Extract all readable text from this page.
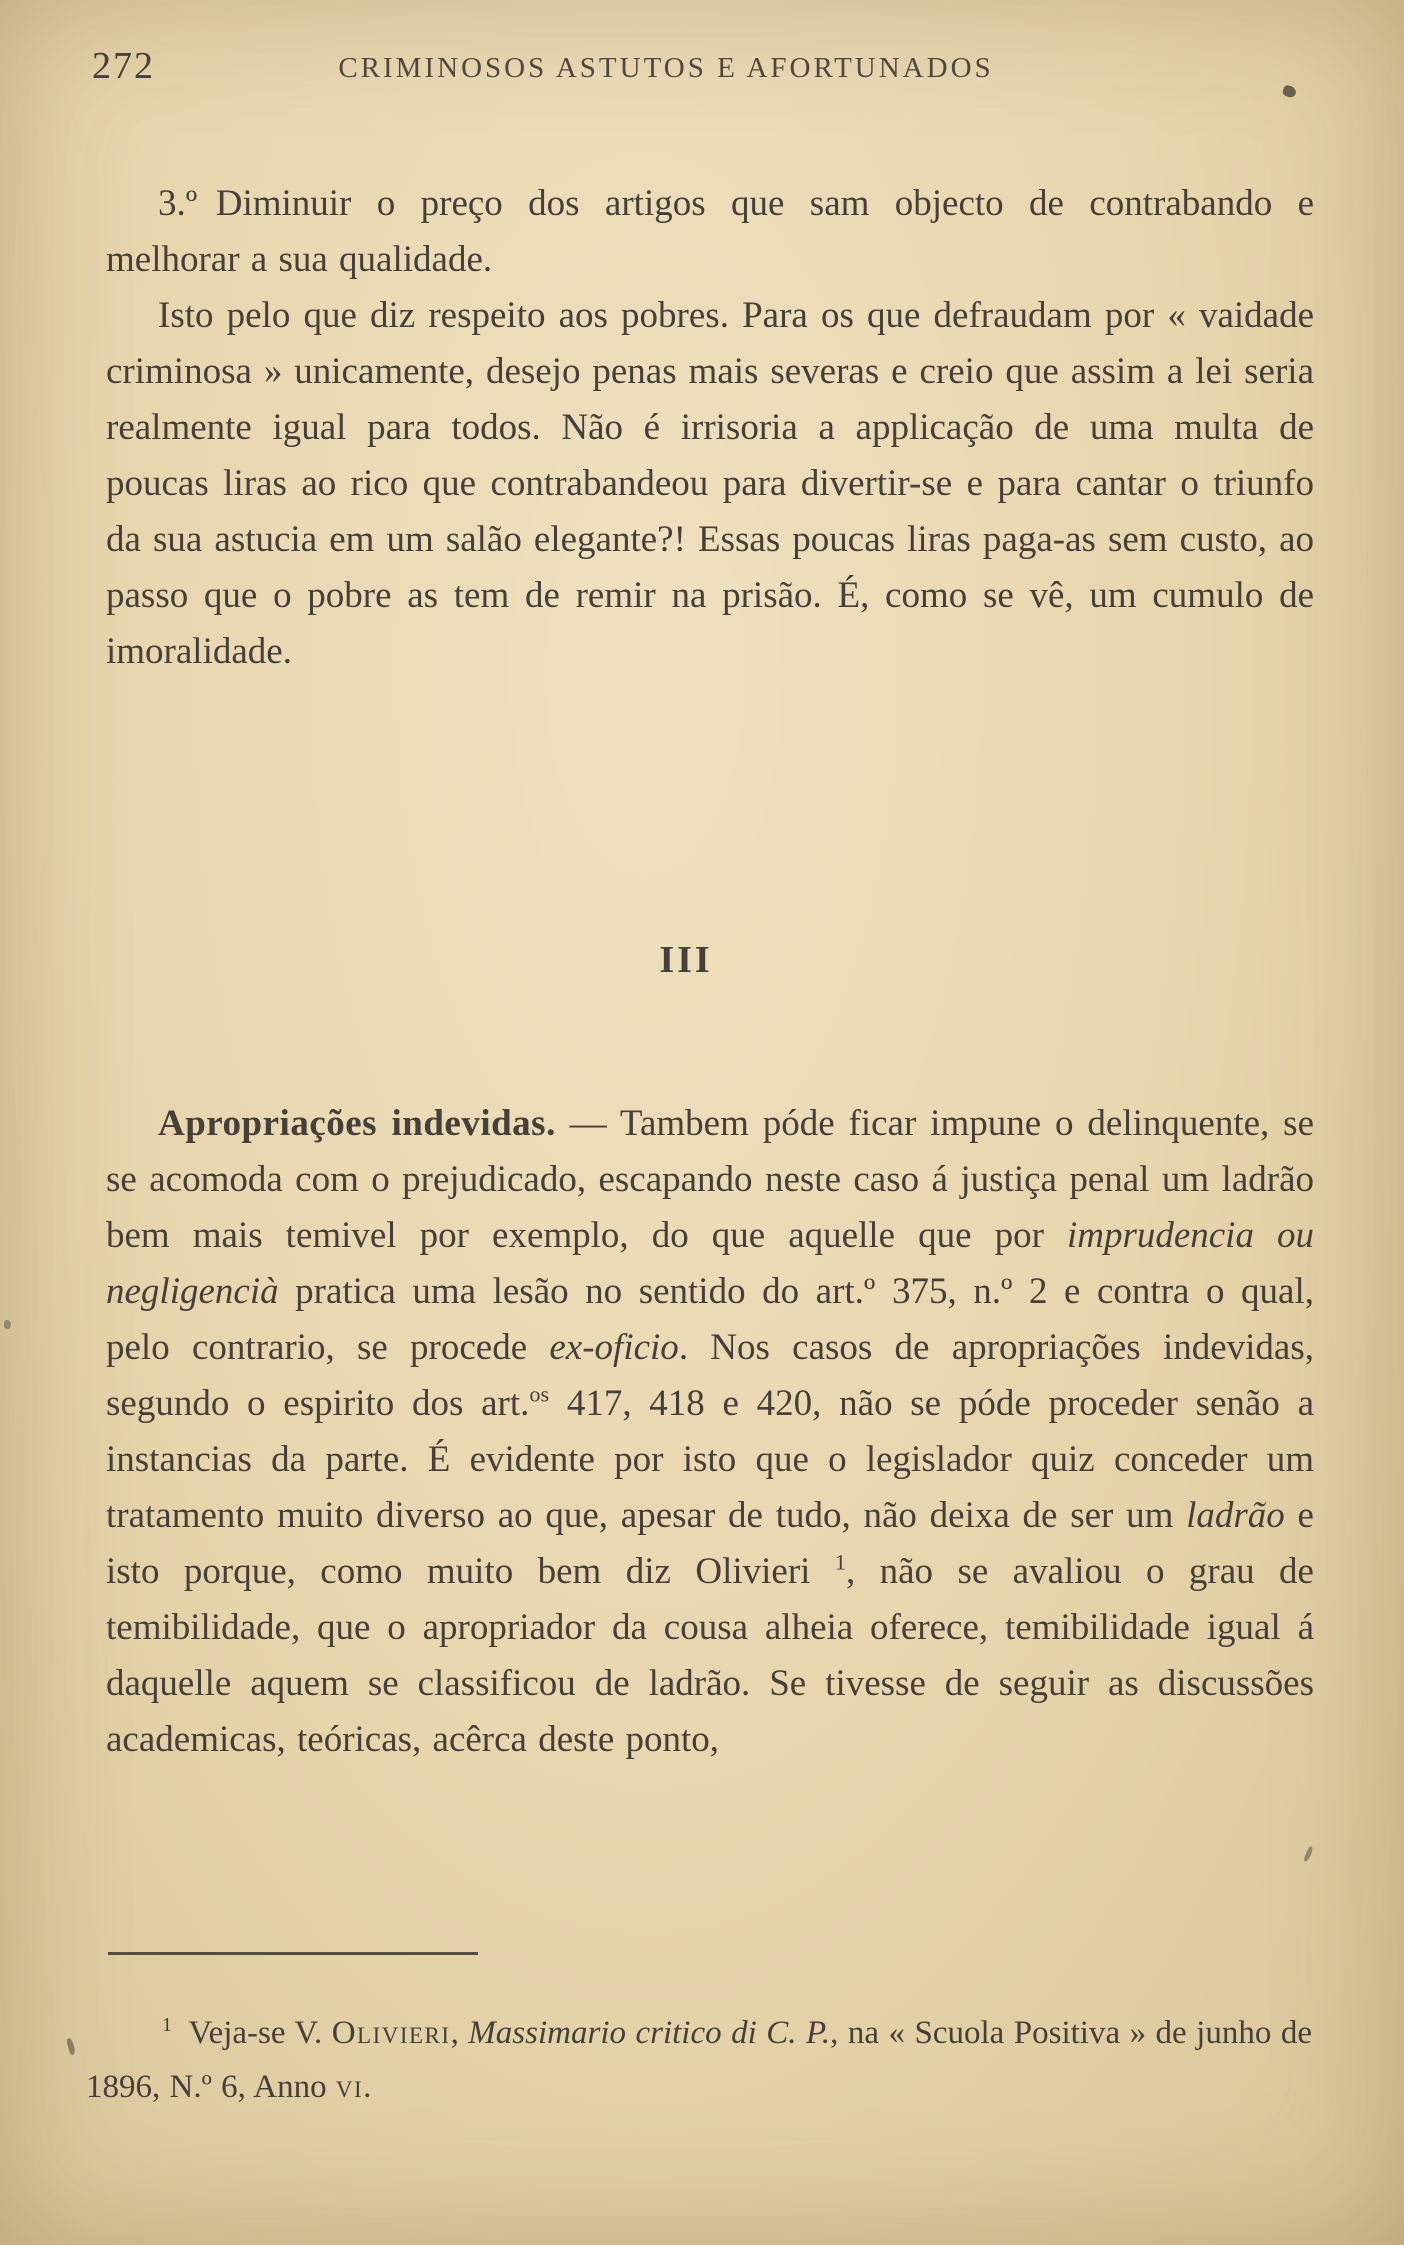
272	CRIMINOSOS ASTUTOS E AFORTUNADOS

3.º Diminuir o preço dos artigos que sam objecto de contrabando e melhorar a sua qualidade.

Isto pelo que diz respeito aos pobres. Para os que defraudam por « vaidade criminosa » unicamente, desejo penas mais severas e creio que assim a lei seria realmente igual para todos. Não é irrisoria a applicação de uma multa de poucas liras ao rico que contrabandeou para divertir-se e para cantar o triunfo da sua astucia em um salão elegante?! Essas poucas liras paga-as sem custo, ao passo que o pobre as tem de remir na prisão. É, como se vê, um cumulo de imoralidade.

III

Apropriações indevidas. — Tambem póde ficar impune o delinquente, se se acomoda com o prejudicado, escapando neste caso á justiça penal um ladrão bem mais temivel por exemplo, do que aquelle que por imprudencia ou negligencià pratica uma lesão no sentido do art.º 375, n.º 2 e contra o qual, pelo contrario, se procede ex-oficio. Nos casos de apropriações indevidas, segundo o espirito dos art.$^{os}$ 417, 418 e 420, não se póde proceder senão a instancias da parte. É evidente por isto que o legislador quiz conceder um tratamento muito diverso ao que, apesar de tudo, não deixa de ser um ladrão e isto porque, como muito bem diz Olivieri $^1$, não se avaliou o grau de temibilidade, que o apropriador da cousa alheia oferece, temibilidade igual á daquelle aquem se classificou de ladrão. Se tivesse de seguir as discussões academicas, teóricas, acêrca deste ponto,

$^1$ Veja-se V. Olivieri, Massimario critico di C. P., na « Scuola Positiva » de junho de 1896, N.º 6, Anno vi.
